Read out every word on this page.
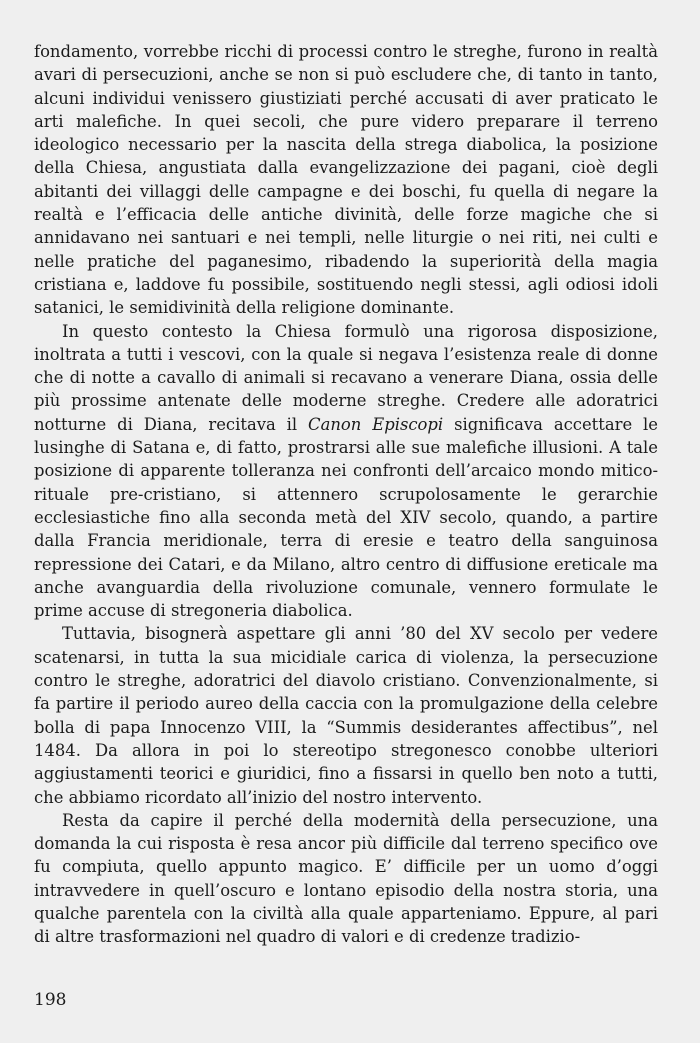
fondamento, vorrebbe ricchi di processi contro le streghe, furono in realtà avari di persecuzioni, anche se non si può escludere che, di tanto in tanto, alcuni individui venissero giustiziati perché accusati di aver praticato le arti malefiche. In quei secoli, che pure videro preparare il terreno ideologico necessario per la nascita della strega diabolica, la posizione della Chiesa, angustiata dalla evangelizzazione dei pagani, cioè degli abitanti dei villaggi delle campagne e dei boschi, fu quella di negare la realtà e l’efficacia delle antiche divinità, delle forze magiche che si annidavano nei santuari e nei templi, nelle liturgie o nei riti, nei culti e nelle pratiche del paganesimo, ribadendo la superiorità della magia cristiana e, laddove fu possibile, sostituendo negli stessi, agli odiosi idoli satanici, le semidivinità della religione dominante.

In questo contesto la Chiesa formulò una rigorosa disposizione, inoltrata a tutti i vescovi, con la quale si negava l’esistenza reale di donne che di notte a cavallo di animali si recavano a venerare Diana, ossia delle più prossime antenate delle moderne streghe. Credere alle adoratrici notturne di Diana, recitava il Canon Episcopi significava accettare le lusinghe di Satana e, di fatto, prostrarsi alle sue malefiche illusioni. A tale posizione di apparente tolleranza nei confronti dell’arcaico mondo mitico-rituale pre-cristiano, si attennero scrupolosamente le gerarchie ecclesiastiche fino alla seconda metà del XIV secolo, quando, a partire dalla Francia meridionale, terra di eresie e teatro della sanguinosa repressione dei Catari, e da Milano, altro centro di diffusione ereticale ma anche avanguardia della rivoluzione comunale, vennero formulate le prime accuse di stregoneria diabolica.

Tuttavia, bisognerà aspettare gli anni ’80 del XV secolo per vedere scatenarsi, in tutta la sua micidiale carica di violenza, la persecuzione contro le streghe, adoratrici del diavolo cristiano. Convenzionalmente, si fa partire il periodo aureo della caccia con la promulgazione della celebre bolla di papa Innocenzo VIII, la “Summis desiderantes affectibus”, nel 1484. Da allora in poi lo stereotipo stregonesco conobbe ulteriori aggiustamenti teorici e giuridici, fino a fissarsi in quello ben noto a tutti, che abbiamo ricordato all’inizio del nostro intervento.

Resta da capire il perché della modernità della persecuzione, una domanda la cui risposta è resa ancor più difficile dal terreno specifico ove fu compiuta, quello appunto magico. E’ difficile per un uomo d’oggi intravvedere in quell’oscuro e lontano episodio della nostra storia, una qualche parentela con la civiltà alla quale apparteniamo. Eppure, al pari di altre trasformazioni nel quadro di valori e di credenze tradizio-

198
